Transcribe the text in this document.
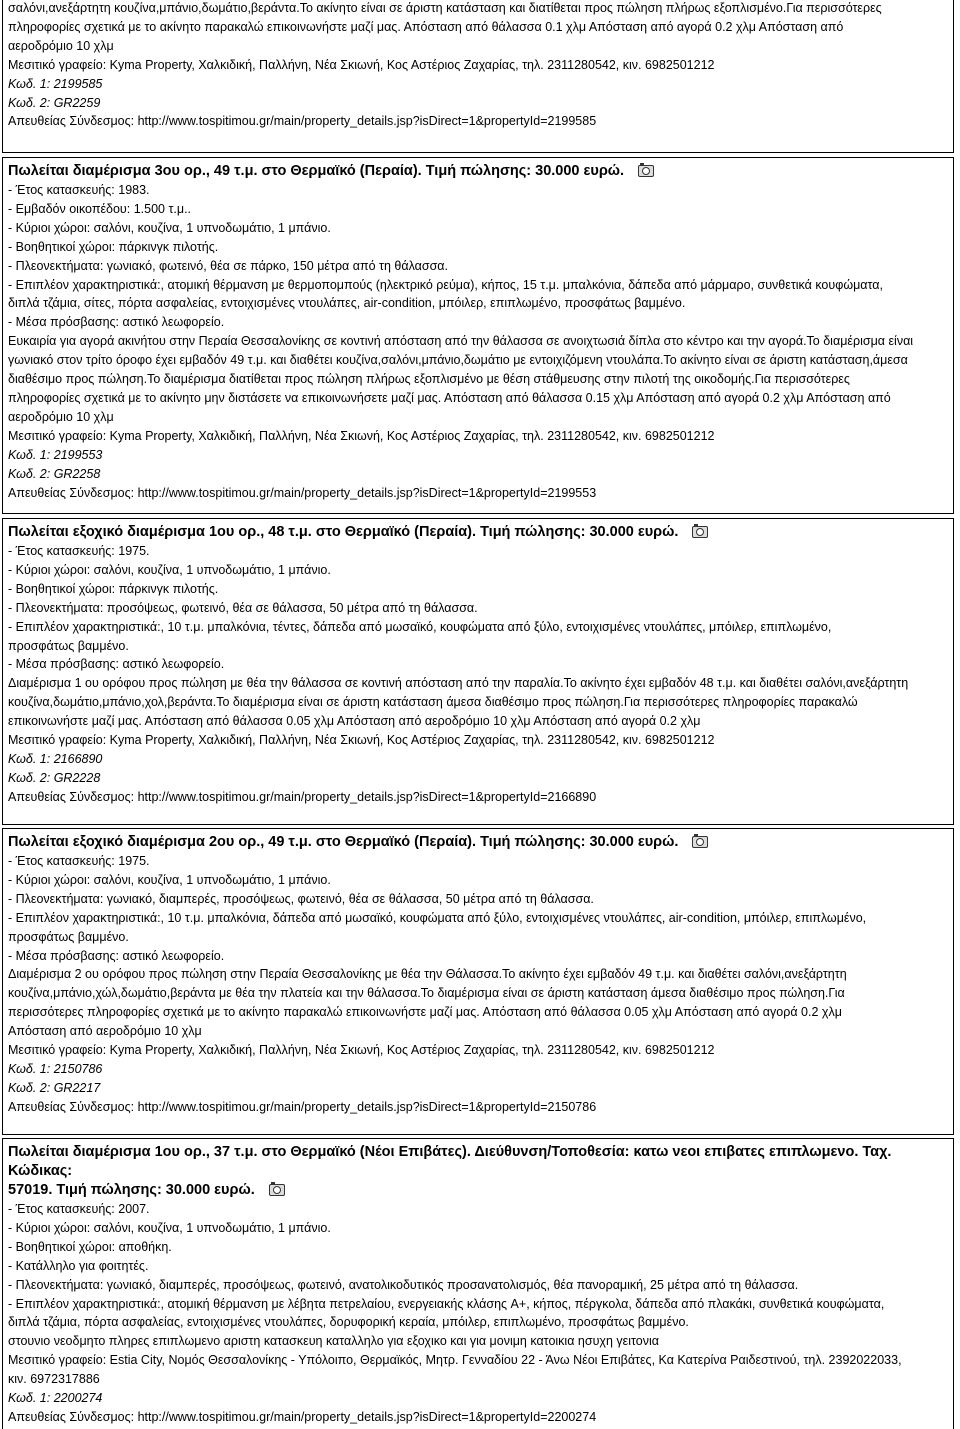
σαλόνι,ανεξάρτητη κουζίνα,μπάνιο,δωμάτιο,βεράντα.Το ακίνητο είναι σε άριστη κατάσταση και διατίθεται προς πώληση πλήρως εξοπλισμένο.Για περισσότερες
πληροφορίες σχετικά με το ακίνητο παρακαλώ επικοινωνήστε μαζί μας. Απόσταση από θάλασσα 0.1 χλμ Απόσταση από αγορά 0.2 χλμ Απόσταση από
αεροδρόμιο 10 χλμ
Μεσιτικό γραφείο: Kyma Property, Χαλκιδική, Παλλήνη, Νέα Σκιωνή, Κος Αστέριος Ζαχαρίας, τηλ. 2311280542, κιν. 6982501212
Κωδ. 1: 2199585
Κωδ. 2: GR2259
Απευθείας Σύνδεσμος: http://www.tospitimou.gr/main/property_details.jsp?isDirect=1&propertyId=2199585
Πωλείται διαμέρισμα 3ου ορ., 49 τ.μ. στο Θερμαϊκό (Περαία). Τιμή πώλησης: 30.000 ευρώ.
- Έτος κατασκευής: 1983.
- Εμβαδόν οικοπέδου: 1.500 τ.μ..
- Κύριοι χώροι: σαλόνι, κουζίνα, 1 υπνοδωμάτιο, 1 μπάνιο.
- Βοηθητικοί χώροι: πάρκινγκ πιλοτής.
- Πλεονεκτήματα: γωνιακό, φωτεινό, θέα σε πάρκο, 150 μέτρα από τη θάλασσα.
- Επιπλέον χαρακτηριστικά:, ατομική θέρμανση με θερμοπομπούς (ηλεκτρικό ρεύμα), κήπος, 15 τ.μ. μπαλκόνια, δάπεδα από μάρμαρο, συνθετικά κουφώματα,
διπλά τζάμια, σίτες, πόρτα ασφαλείας, εντοιχισμένες ντουλάπες, air-condition, μπόιλερ, επιπλωμένο, προσφάτως βαμμένο.
- Μέσα πρόσβασης: αστικό λεωφορείο.
Ευκαιρία για αγορά ακινήτου στην Περαία Θεσσαλονίκης σε κοντινή απόσταση από την θάλασσα σε ανοιχτωσιά δίπλα στο κέντρο και την αγορά.Το διαμέρισμα είναι
γωνιακό στον τρίτο όροφο έχει εμβαδόν 49 τ.μ. και διαθέτει κουζίνα,σαλόνι,μπάνιο,δωμάτιο με εντοιχιζόμενη ντουλάπα.Το ακίνητο είναι σε άριστη κατάσταση,άμεσα
διαθέσιμο προς πώληση.Το διαμέρισμα διατίθεται προς πώληση πλήρως εξοπλισμένο με θέση στάθμευσης στην πιλοτή της οικοδομής.Για περισσότερες
πληροφορίες σχετικά με το ακίνητο μην διστάσετε να επικοινωνήσετε μαζί μας. Απόσταση από θάλασσα 0.15 χλμ Απόσταση από αγορά 0.2 χλμ Απόσταση από
αεροδρόμιο 10 χλμ
Μεσιτικό γραφείο: Kyma Property, Χαλκιδική, Παλλήνη, Νέα Σκιωνή, Κος Αστέριος Ζαχαρίας, τηλ. 2311280542, κιν. 6982501212
Κωδ. 1: 2199553
Κωδ. 2: GR2258
Απευθείας Σύνδεσμος: http://www.tospitimou.gr/main/property_details.jsp?isDirect=1&propertyId=2199553
Πωλείται εξοχικό διαμέρισμα 1ου ορ., 48 τ.μ. στο Θερμαϊκό (Περαία). Τιμή πώλησης: 30.000 ευρώ.
- Έτος κατασκευής: 1975.
- Κύριοι χώροι: σαλόνι, κουζίνα, 1 υπνοδωμάτιο, 1 μπάνιο.
- Βοηθητικοί χώροι: πάρκινγκ πιλοτής.
- Πλεονεκτήματα: προσόψεως, φωτεινό, θέα σε θάλασσα, 50 μέτρα από τη θάλασσα.
- Επιπλέον χαρακτηριστικά:, 10 τ.μ. μπαλκόνια, τέντες, δάπεδα από μωσαϊκό, κουφώματα από ξύλο, εντοιχισμένες ντουλάπες, μπόιλερ, επιπλωμένο,
προσφάτως βαμμένο.
- Μέσα πρόσβασης: αστικό λεωφορείο.
Διαμέρισμα 1 ου ορόφου προς πώληση με θέα την θάλασσα σε κοντινή απόσταση από την παραλία.Το ακίνητο έχει εμβαδόν 48 τ.μ. και διαθέτει σαλόνι,ανεξάρτητη
κουζίνα,δωμάτιο,μπάνιο,χολ,βεράντα.Το διαμέρισμα είναι σε άριστη κατάσταση άμεσα διαθέσιμο προς πώληση.Για περισσότερες πληροφορίες παρακαλώ
επικοινωνήστε μαζί μας. Απόσταση από θάλασσα 0.05 χλμ Απόσταση από αεροδρόμιο 10 χλμ Απόσταση από αγορά 0.2 χλμ
Μεσιτικό γραφείο: Kyma Property, Χαλκιδική, Παλλήνη, Νέα Σκιωνή, Κος Αστέριος Ζαχαρίας, τηλ. 2311280542, κιν. 6982501212
Κωδ. 1: 2166890
Κωδ. 2: GR2228
Απευθείας Σύνδεσμος: http://www.tospitimou.gr/main/property_details.jsp?isDirect=1&propertyId=2166890
Πωλείται εξοχικό διαμέρισμα 2ου ορ., 49 τ.μ. στο Θερμαϊκό (Περαία). Τιμή πώλησης: 30.000 ευρώ.
- Έτος κατασκευής: 1975.
- Κύριοι χώροι: σαλόνι, κουζίνα, 1 υπνοδωμάτιο, 1 μπάνιο.
- Πλεονεκτήματα: γωνιακό, διαμπερές, προσόψεως, φωτεινό, θέα σε θάλασσα, 50 μέτρα από τη θάλασσα.
- Επιπλέον χαρακτηριστικά:, 10 τ.μ. μπαλκόνια, δάπεδα από μωσαϊκό, κουφώματα από ξύλο, εντοιχισμένες ντουλάπες, air-condition, μπόιλερ, επιπλωμένο,
προσφάτως βαμμένο.
- Μέσα πρόσβασης: αστικό λεωφορείο.
Διαμέρισμα 2 ου ορόφου προς πώληση στην Περαία Θεσσαλονίκης με θέα την Θάλασσα.Το ακίνητο έχει εμβαδόν 49 τ.μ. και διαθέτει σαλόνι,ανεξάρτητη
κουζίνα,μπάνιο,χώλ,δωμάτιο,βεράντα με θέα την πλατεία και την θάλασσα.Το διαμέρισμα είναι σε άριστη κατάσταση άμεσα διαθέσιμο προς πώληση.Για
περισσότερες πληροφορίες σχετικά με το ακίνητο παρακαλώ επικοινωνήστε μαζί μας. Απόσταση από θάλασσα 0.05 χλμ Απόσταση από αγορά 0.2 χλμ
Απόσταση από αεροδρόμιο 10 χλμ
Μεσιτικό γραφείο: Kyma Property, Χαλκιδική, Παλλήνη, Νέα Σκιωνή, Κος Αστέριος Ζαχαρίας, τηλ. 2311280542, κιν. 6982501212
Κωδ. 1: 2150786
Κωδ. 2: GR2217
Απευθείας Σύνδεσμος: http://www.tospitimou.gr/main/property_details.jsp?isDirect=1&propertyId=2150786
Πωλείται διαμέρισμα 1ου ορ., 37 τ.μ. στο Θερμαϊκό (Νέοι Επιβάτες). Διεύθυνση/Τοποθεσία: κατω νεοι επιβατες επιπλωμενο. Ταχ. Κώδικας:
57019. Τιμή πώλησης: 30.000 ευρώ.
- Έτος κατασκευής: 2007.
- Κύριοι χώροι: σαλόνι, κουζίνα, 1 υπνοδωμάτιο, 1 μπάνιο.
- Βοηθητικοί χώροι: αποθήκη.
- Κατάλληλο για φοιτητές.
- Πλεονεκτήματα: γωνιακό, διαμπερές, προσόψεως, φωτεινό, ανατολικοδυτικός προσανατολισμός, θέα πανοραμική, 25 μέτρα από τη θάλασσα.
- Επιπλέον χαρακτηριστικά:, ατομική θέρμανση με λέβητα πετρελαίου, ενεργειακής κλάσης A+, κήπος, πέργκολα, δάπεδα από πλακάκι, συνθετικά κουφώματα,
διπλά τζάμια, πόρτα ασφαλείας, εντοιχισμένες ντουλάπες, δορυφορική κεραία, μπόιλερ, επιπλωμένο, προσφάτως βαμμένο.
στουνιο νεοδμητο πληρες επιπλωμενο αριστη κατασκευη καταλληλο για εξοχικο και για μονιμη κατοικια ησυχη γειτονια
Μεσιτικό γραφείο: Estia City, Νομός Θεσσαλονίκης - Υπόλοιπο, Θερμαϊκός, Μητρ. Γενναδίου 22 - Άνω Νέοι Επιβάτες, Κα Κατερίνα Ραιδεστινού, τηλ. 2392022033,
κιν. 6972317886
Κωδ. 1: 2200274
Απευθείας Σύνδεσμος: http://www.tospitimou.gr/main/property_details.jsp?isDirect=1&propertyId=2200274
